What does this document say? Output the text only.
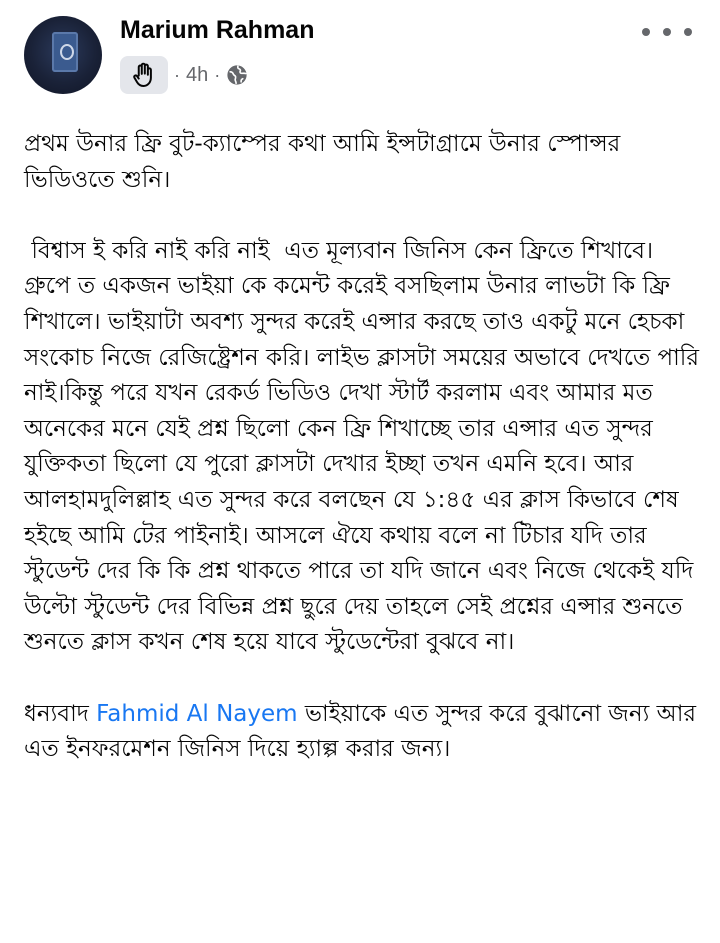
Marium Rahman
· 4h ·

প্রথম উনার ফ্রি বুট-ক্যাম্পের কথা আমি ইন্সটাগ্রামে উনার স্পোন্সর ভিডিওতে শুনি।

বিশ্বাস ই করি নাই করি নাই  এত মূল্যবান জিনিস কেন ফ্রিতে শিখাবে। গ্রুপে ত একজন ভাইয়া কে কমেন্ট করেই বসছিলাম উনার লাভটা কি ফ্রি শিখালে। ভাইয়াটা অবশ্য সুন্দর করেই এন্সার করছে তাও একটু মনে হেচকা সংকোচ নিজে রেজিষ্ট্রেশন করি। লাইভ ক্লাসটা সময়ের অভাবে দেখতে পারি নাই।কিন্তু পরে যখন রেকর্ড ভিডিও দেখা স্টার্ট করলাম এবং আমার মত অনেকের মনে যেই প্রশ্ন ছিলো কেন ফ্রি শিখাচ্ছে তার এন্সার এত সুন্দর যুক্তিকতা ছিলো যে পুরো ক্লাসটা দেখার ইচ্ছা তখন এমনি হবে। আর আলহামদুলিল্লাহ এত সুন্দর করে বলছেন যে ১:৪৫ এর ক্লাস কিভাবে শেষ হইছে আমি টের পাইনাই। আসলে ঐযে কথায় বলে না টিচার যদি তার স্টুডেন্ট দের কি কি প্রশ্ন থাকতে পারে তা যদি জানে এবং নিজে থেকেই যদি উল্টো স্টুডেন্ট দের বিভিন্ন প্রশ্ন ছুরে দেয় তাহলে সেই প্রশ্নের এন্সার শুনতে শুনতে ক্লাস কখন শেষ হয়ে যাবে স্টুডেন্টেরা বুঝবে না।

ধন্যবাদ Fahmid Al Nayem ভাইয়াকে এত সুন্দর করে বুঝানো জন্য আর এত ইনফরমেশন জিনিস দিয়ে হ্যাল্প করার জন্য।
